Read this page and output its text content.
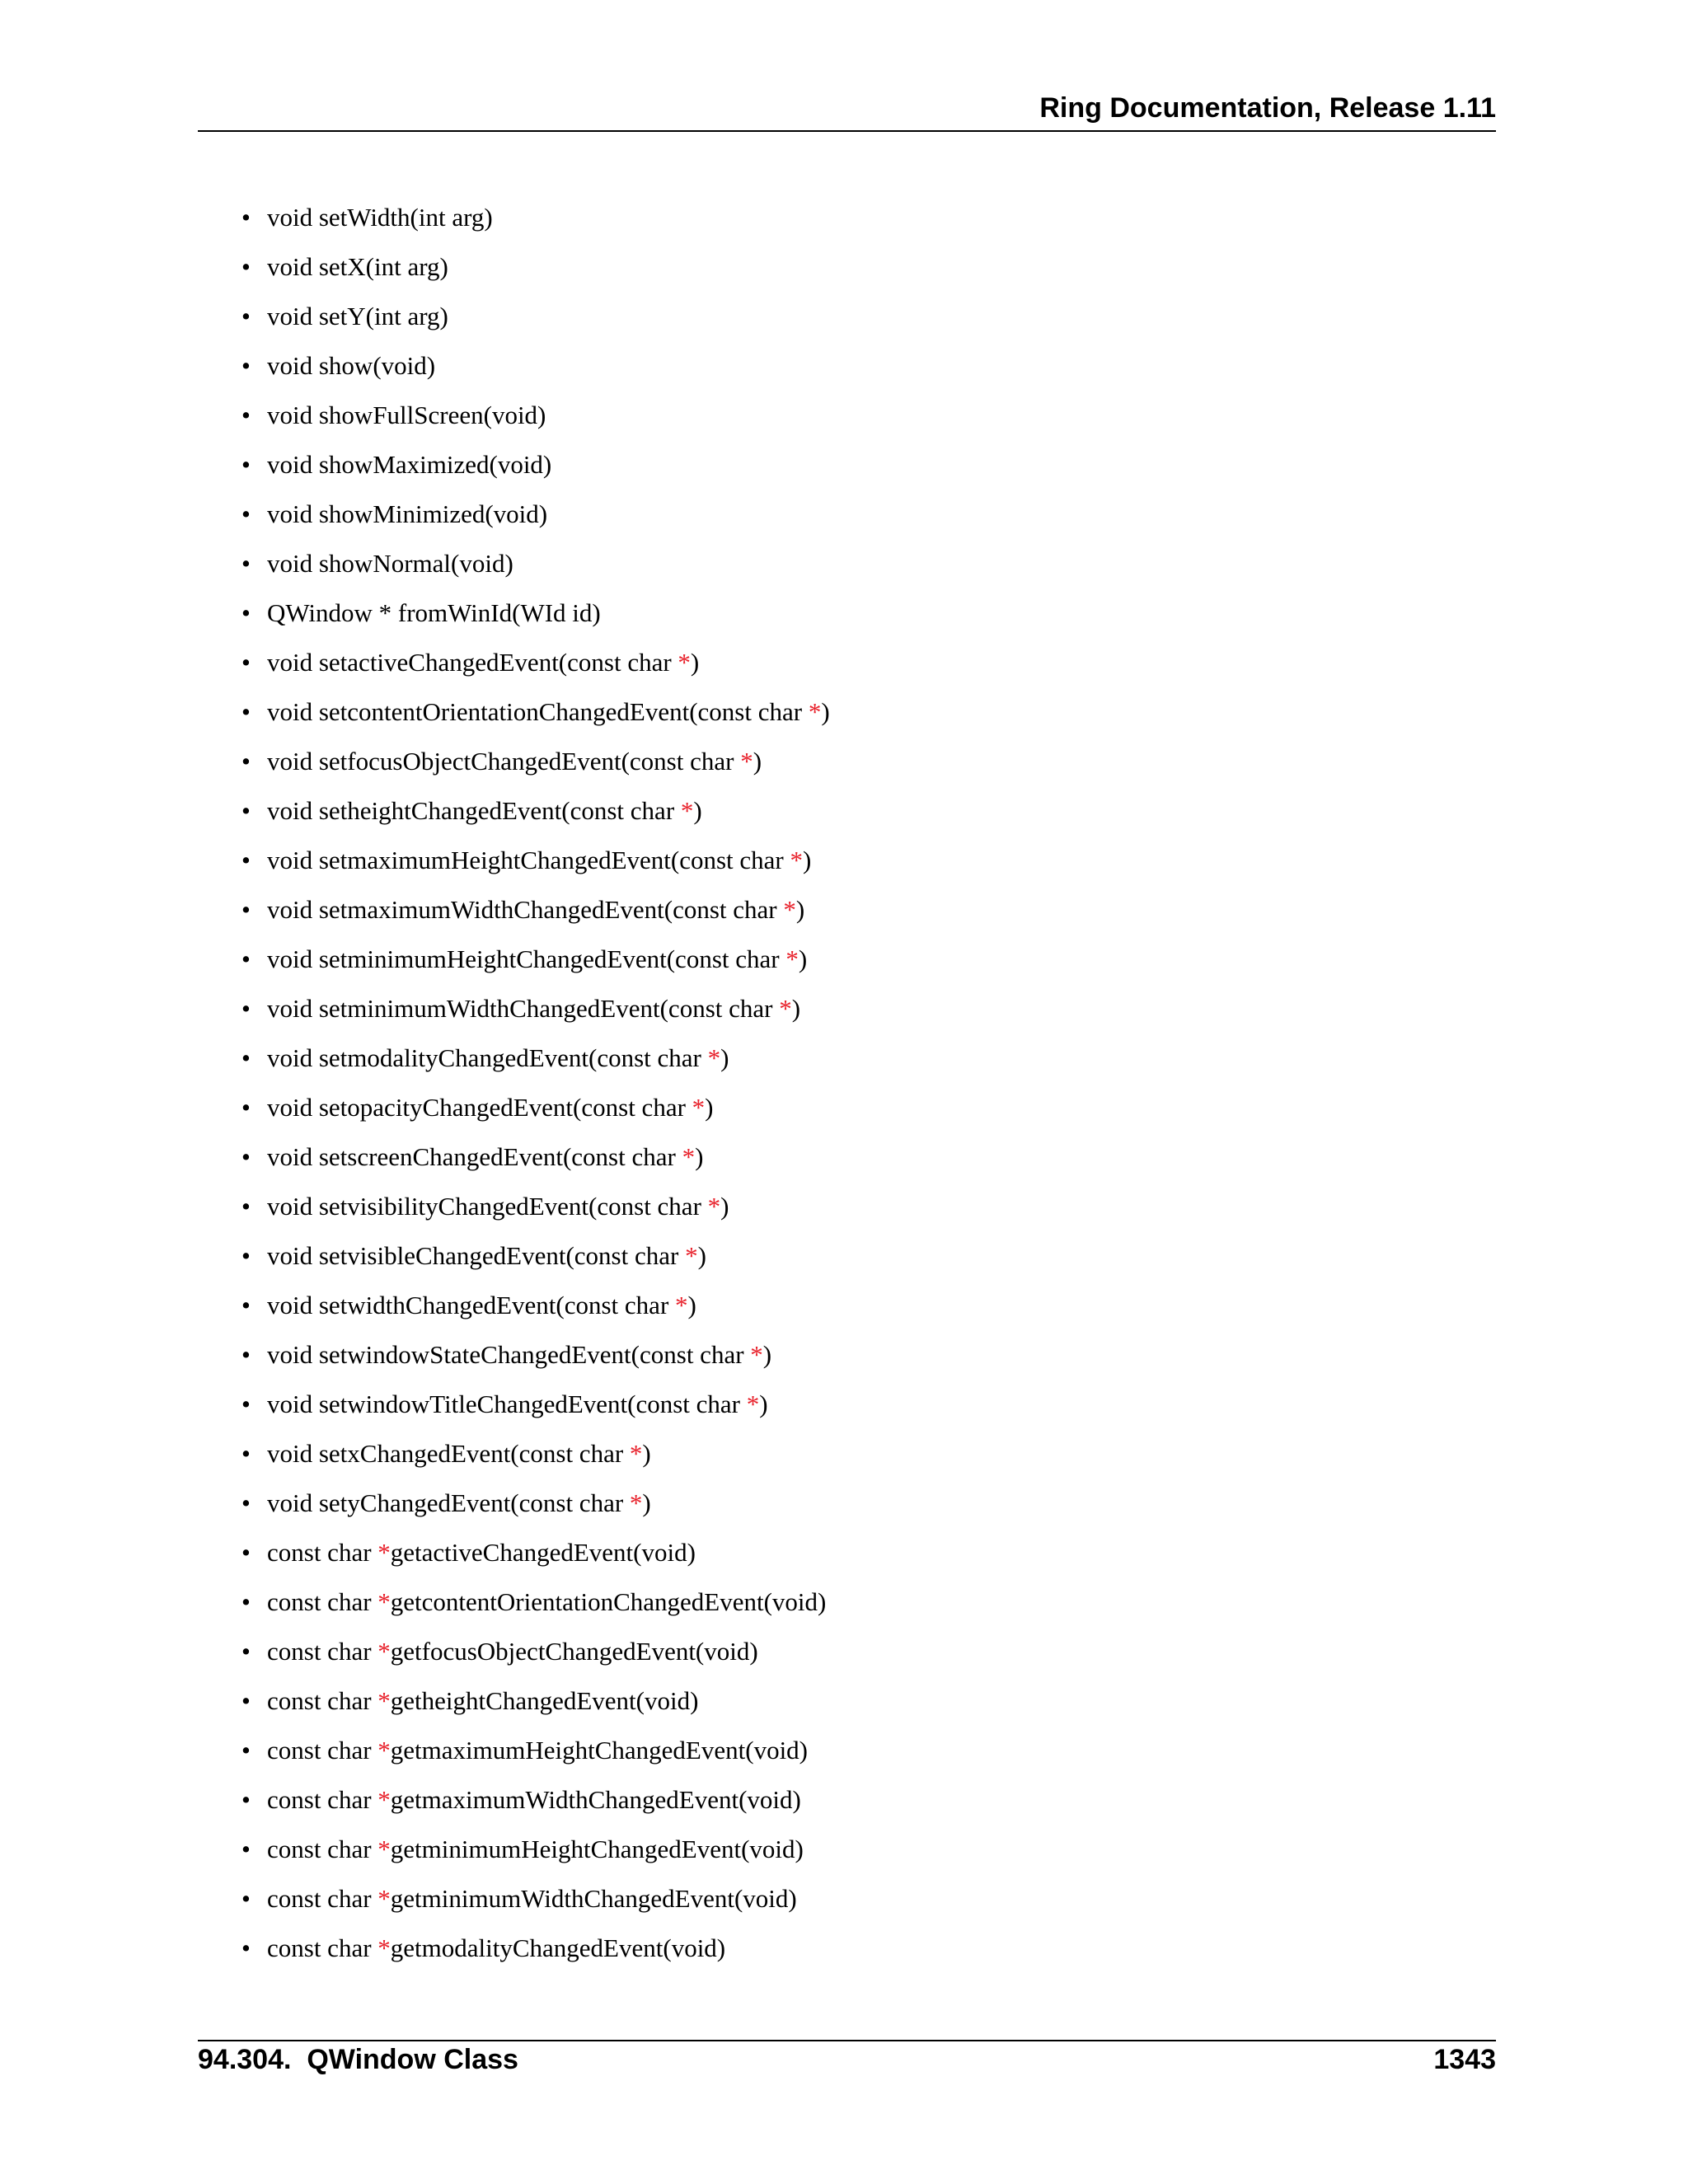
Ring Documentation, Release 1.11
• void setWidth(int arg)
• void setX(int arg)
• void setY(int arg)
• void show(void)
• void showFullScreen(void)
• void showMaximized(void)
• void showMinimized(void)
• void showNormal(void)
• QWindow * fromWinId(WId id)
• void setactiveChangedEvent(const char *)
• void setcontentOrientationChangedEvent(const char *)
• void setfocusObjectChangedEvent(const char *)
• void setheightChangedEvent(const char *)
• void setmaximumHeightChangedEvent(const char *)
• void setmaximumWidthChangedEvent(const char *)
• void setminimumHeightChangedEvent(const char *)
• void setminimumWidthChangedEvent(const char *)
• void setmodalityChangedEvent(const char *)
• void setopacityChangedEvent(const char *)
• void setscreenChangedEvent(const char *)
• void setvisibilityChangedEvent(const char *)
• void setvisibleChangedEvent(const char *)
• void setwidthChangedEvent(const char *)
• void setwindowStateChangedEvent(const char *)
• void setwindowTitleChangedEvent(const char *)
• void setxChangedEvent(const char *)
• void setyChangedEvent(const char *)
• const char *getactiveChangedEvent(void)
• const char *getcontentOrientationChangedEvent(void)
• const char *getfocusObjectChangedEvent(void)
• const char *getheightChangedEvent(void)
• const char *getmaximumHeightChangedEvent(void)
• const char *getmaximumWidthChangedEvent(void)
• const char *getminimumHeightChangedEvent(void)
• const char *getminimumWidthChangedEvent(void)
• const char *getmodalityChangedEvent(void)
94.304.  QWindow Class	1343
